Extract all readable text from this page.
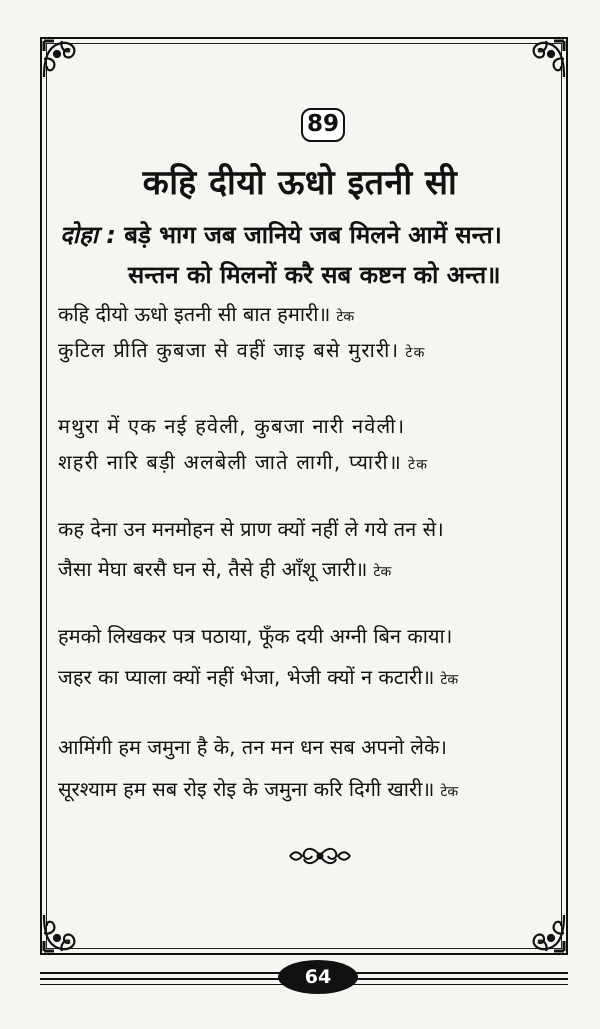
89
कहि दीयो ऊधो इतनी सी
दोहा : बड़े भाग जब जानिये जब मिलने आमें सन्त।
सन्तन को मिलनों करै सब कष्टन को अन्त॥
कहि दीयो ऊधो इतनी सी बात हमारी॥ टेक
कुटिल प्रीति कुबजा से वहीं जाइ बसे मुरारी। टेक
मथुरा में एक नई हवेली, कुबजा नारी नवेली।
शहरी नारि बड़ी अलबेली जाते लागी, प्यारी॥ टेक
कह देना उन मनमोहन से प्राण क्यों नहीं ले गये तन से।
जैसा मेघा बरसै घन से, तैसे ही आँशू जारी॥ टेक
हमको लिखकर पत्र पठाया, फूँक दयी अग्नी बिन काया।
जहर का प्याला क्यों नहीं भेजा, भेजी क्यों न कटारी॥ टेक
आमिंगी हम जमुना है के, तन मन धन सब अपनो लेके।
सूरश्याम हम सब रोइ रोइ के जमुना करि दिगी खारी॥ टेक
64
